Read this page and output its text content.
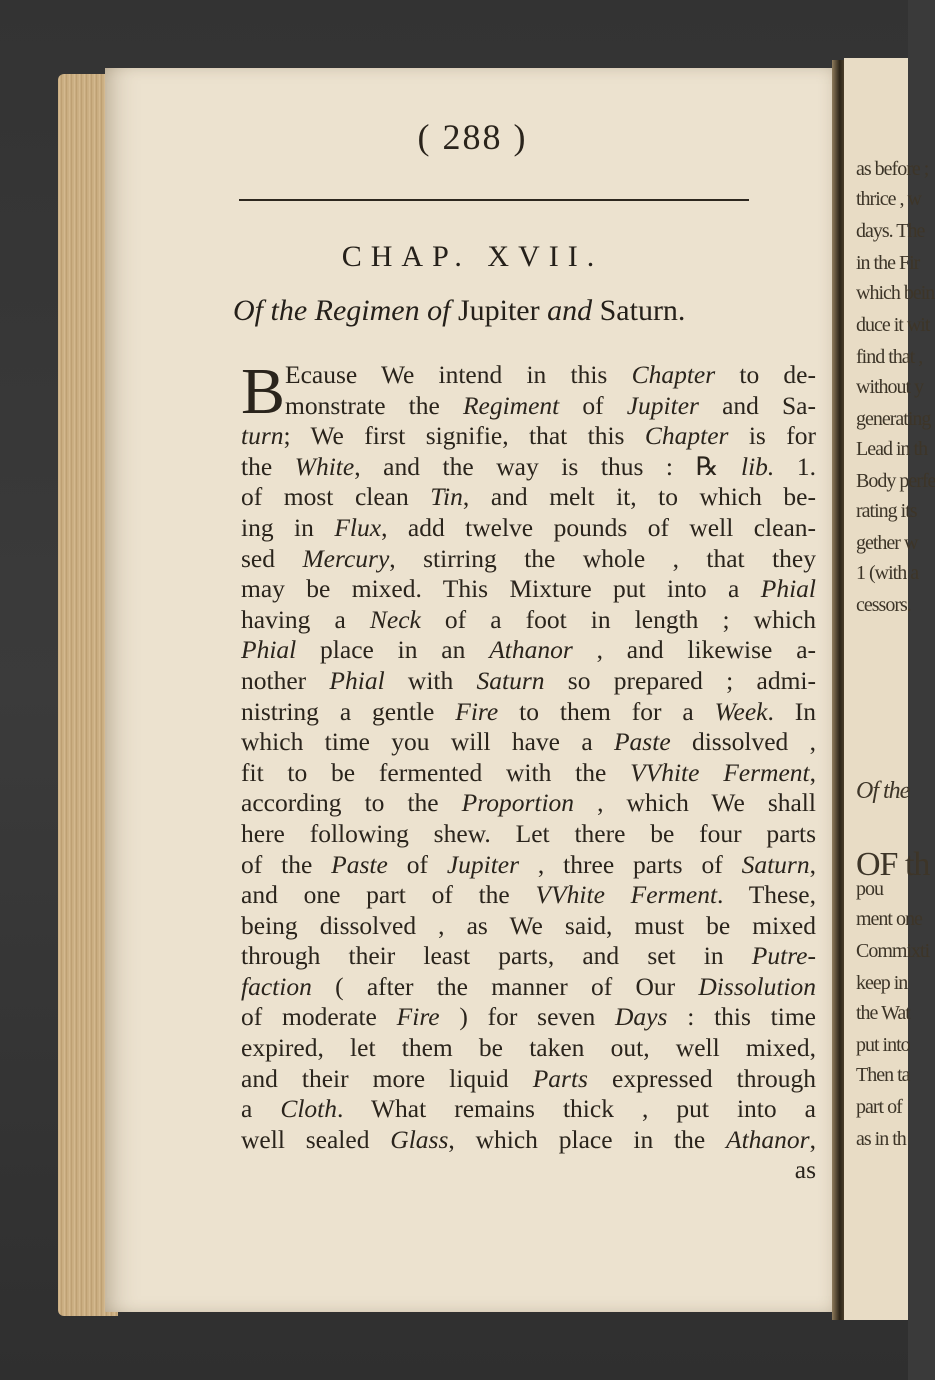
( 288 )
CHAP. XVII.
Of the Regimen of Jupiter and Saturn.
B Ecause We intend in this Chapter to de-
monstrate the Regiment of Jupiter and Sa-
turn; We first signifie, that this Chapter is for
the White, and the way is thus : ℞ lib. 1.
of most clean Tin, and melt it, to which be-
ing in Flux, add twelve pounds of well clean-
sed Mercury, stirring the whole , that they
may be mixed. This Mixture put into a Phial
having a Neck of a foot in length ; which
Phial place in an Athanor , and likewise a-
nother Phial with Saturn so prepared ; admi-
nistring a gentle Fire to them for a Week. In
which time you will have a Paste dissolved ,
fit to be fermented with the VVhite Ferment,
according to the Proportion , which We shall
here following shew. Let there be four parts
of the Paste of Jupiter , three parts of Saturn,
and one part of the VVhite Ferment. These,
being dissolved , as We said, must be mixed
through their least parts, and set in Putre-
faction ( after the manner of Our Dissolution
of moderate Fire ) for seven Days : this time
expired, let them be taken out, well mixed,
and their more liquid Parts expressed through
a Cloth. What remains thick , put into a
well sealed Glass, which place in the Athanor,
as
as before ;
thrice , w
days. The
in the Fir
which bein
duce it wit
find that ,
without y
generating
Lead in th
Body perfe
rating its
gether w
1 (with a
cessors.
Of the
OF th
pou
ment one
Commixti
keep in
the Wat
put into
Then ta
part of
as in th
